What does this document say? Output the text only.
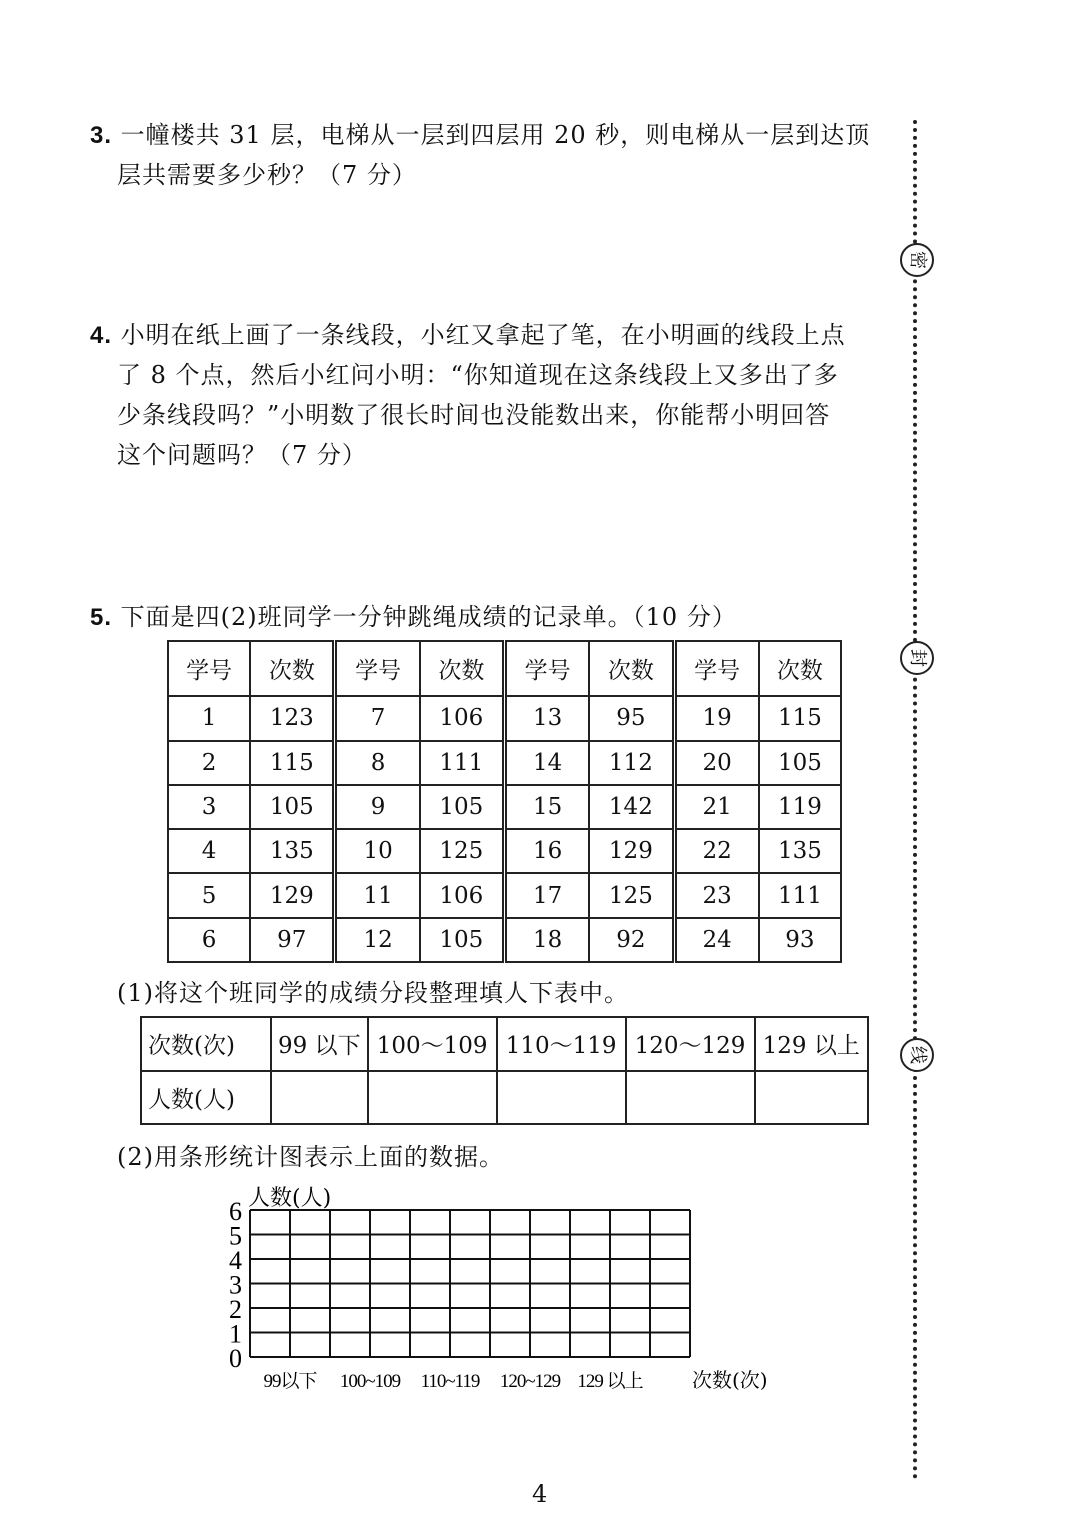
3. 一幢楼共 31 层，电梯从一层到四层用 20 秒，则电梯从一层到达顶
层共需要多少秒？（7 分）
4. 小明在纸上画了一条线段，小红又拿起了笔，在小明画的线段上点
了 8 个点，然后小红问小明：“你知道现在这条线段上又多出了多
少条线段吗？”小明数了很长时间也没能数出来，你能帮小明回答
这个问题吗？（7 分）
5. 下面是四(2)班同学一分钟跳绳成绩的记录单。（10 分）
学号	次数	学号	次数	学号	次数	学号	次数
1	123	7	106	13	95	19	115
2	115	8	111	14	112	20	105
3	105	9	105	15	142	21	119
4	135	10	125	16	129	22	135
5	129	11	106	17	125	23	111
6	97	12	105	18	92	24	93
(1)将这个班同学的成绩分段整理填人下表中。
次数(次)	99 以下	100～109	110～119	120～129	129 以上
人数(人)					
(2)用条形统计图表示上面的数据。
0
1
2
3
4
5
6 人数(人)
99以下 100~109 110~119 120~129 129 以上 次数(次)
密
封
线
4
